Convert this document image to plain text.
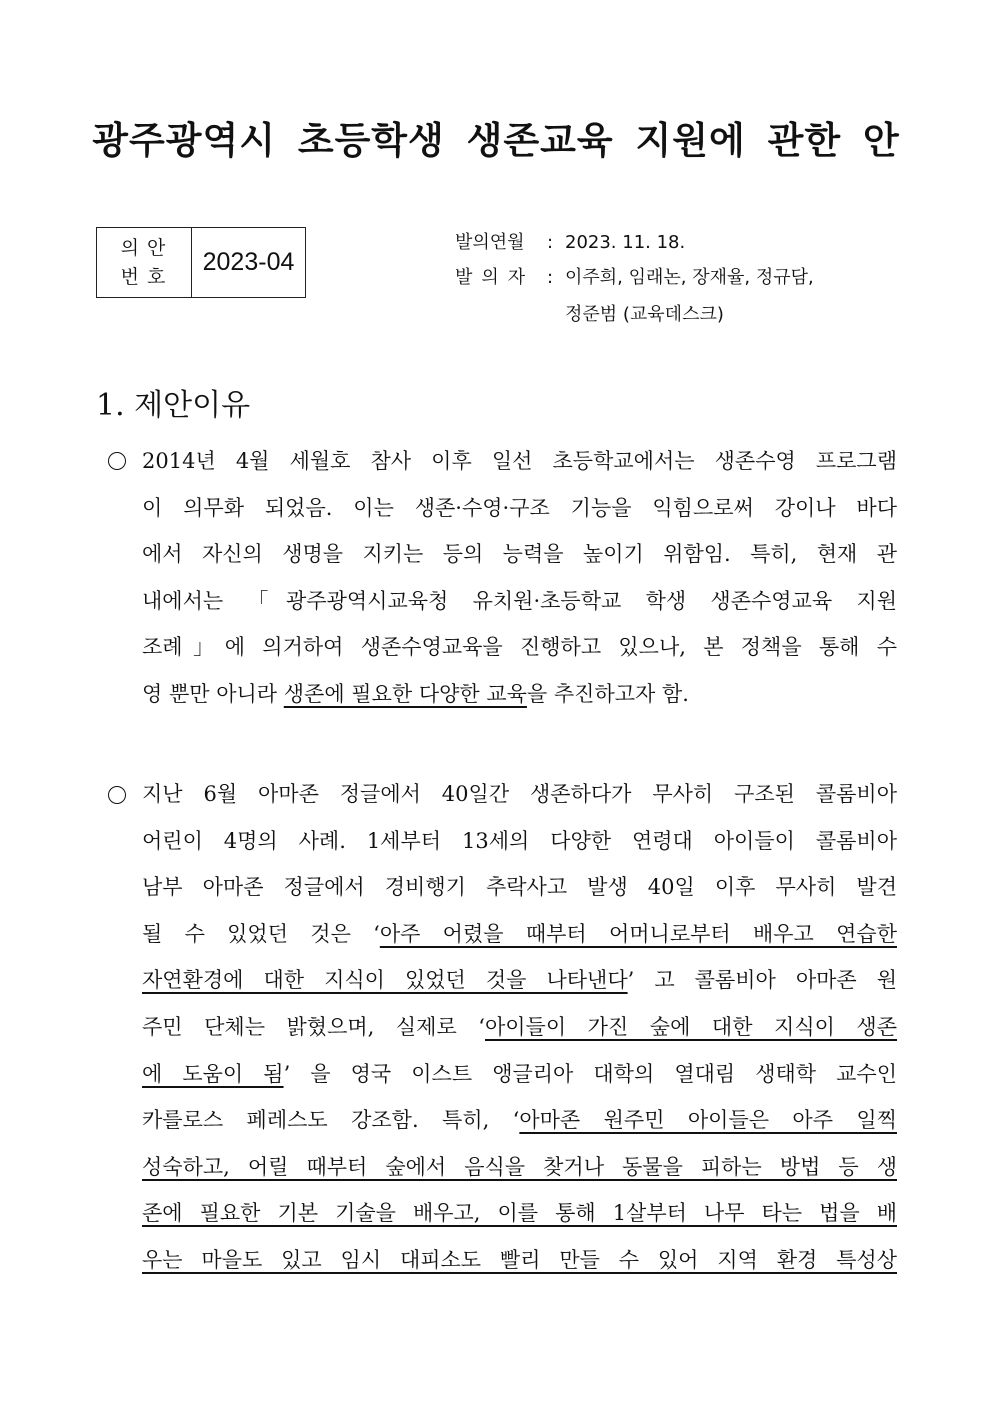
광주광역시 초등학생 생존교육 지원에 관한 안
의안
번호
2023-04
발의연월 : 2023. 11. 18.
발의자 : 이주희, 임래논, 장재율, 정규담,
정준범 (교육데스크)
1. 제안이유
2014년 4월 세월호 참사 이후 일선 초등학교에서는 생존수영 프로그램
이 의무화 되었음. 이는 생존·수영·구조 기능을 익힘으로써 강이나 바다
에서 자신의 생명을 지키는 등의 능력을 높이기 위함임. 특히, 현재 관
내에서는 「광주광역시교육청 유치원·초등학교 학생 생존수영교육 지원
조례」에 의거하여 생존수영교육을 진행하고 있으나, 본 정책을 통해 수
영 뿐만 아니라 생존에 필요한 다양한 교육을 추진하고자 함.
지난 6월 아마존 정글에서 40일간 생존하다가 무사히 구조된 콜롬비아
어린이 4명의 사례. 1세부터 13세의 다양한 연령대 아이들이 콜롬비아
남부 아마존 정글에서 경비행기 추락사고 발생 40일 이후 무사히 발견
될 수 있었던 것은 ‘아주 어렸을 때부터 어머니로부터 배우고 연습한
자연환경에 대한 지식이 있었던 것을 나타낸다’ 고 콜롬비아 아마존 원
주민 단체는 밝혔으며, 실제로 ‘아이들이 가진 숲에 대한 지식이 생존
에 도움이 됨’ 을 영국 이스트 앵글리아 대학의 열대림 생태학 교수인
카를로스 페레스도 강조함. 특히, ‘아마존 원주민 아이들은 아주 일찍
성숙하고, 어릴 때부터 숲에서 음식을 찾거나 동물을 피하는 방법 등 생
존에 필요한 기본 기술을 배우고, 이를 통해 1살부터 나무 타는 법을 배
우는 마을도 있고 임시 대피소도 빨리 만들 수 있어 지역 환경 특성상
